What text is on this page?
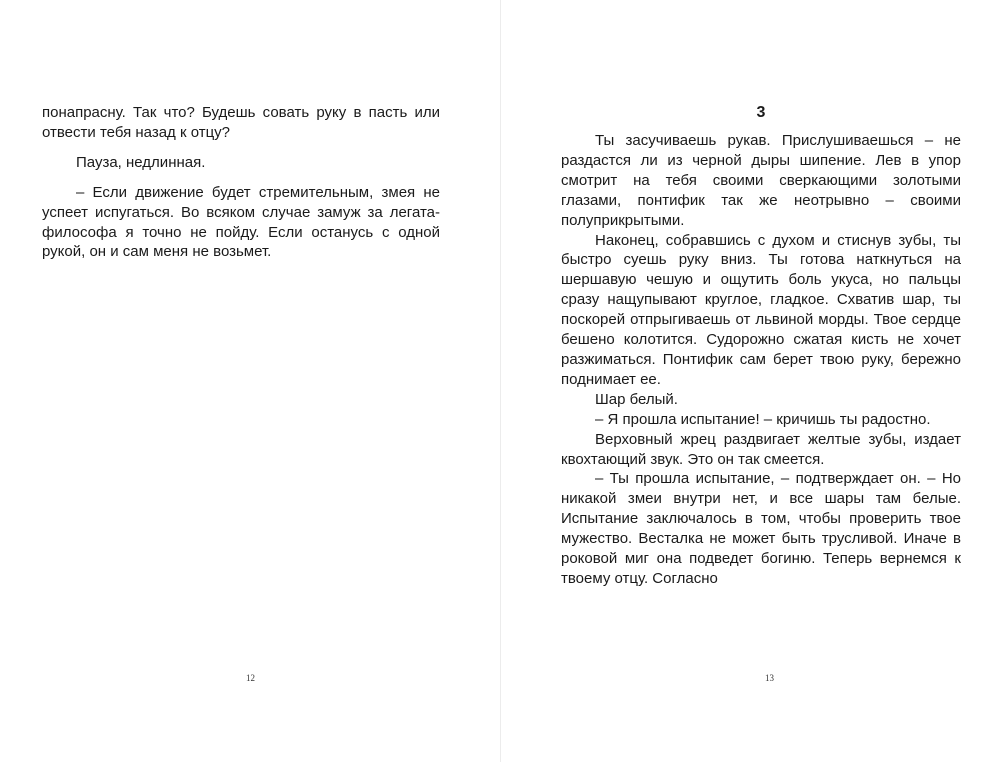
понапрасну. Так что? Будешь совать руку в пасть или отвести тебя назад к отцу?

Пауза, недлинная.

– Если движение будет стремительным, змея не успеет испугаться. Во всяком случае замуж за легата-философа я точно не пойду. Если останусь с одной рукой, он и сам меня не возьмет.

12
3

Ты засучиваешь рукав. Прислушиваешься – не раздастся ли из черной дыры шипение. Лев в упор смотрит на тебя своими сверкающими золотыми глазами, понтифик так же неотрывно – своими полуприкрытыми.

Наконец, собравшись с духом и стиснув зубы, ты быстро суешь руку вниз. Ты готова наткнуться на шершавую чешую и ощутить боль укуса, но пальцы сразу нащупывают круглое, гладкое. Схватив шар, ты поскорей отпрыгиваешь от львиной морды. Твое сердце бешено колотится. Судорожно сжатая кисть не хочет разжиматься. Понтифик сам берет твою руку, бережно поднимает ее.

Шар белый.

– Я прошла испытание! – кричишь ты радостно.

Верховный жрец раздвигает желтые зубы, издает квохтающий звук. Это он так смеется.

– Ты прошла испытание, – подтверждает он. – Но никакой змеи внутри нет, и все шары там белые. Испытание заключалось в том, чтобы проверить твое мужество. Весталка не может быть трусливой. Иначе в роковой миг она подведет богиню. Теперь вернемся к твоему отцу. Согласно

13
